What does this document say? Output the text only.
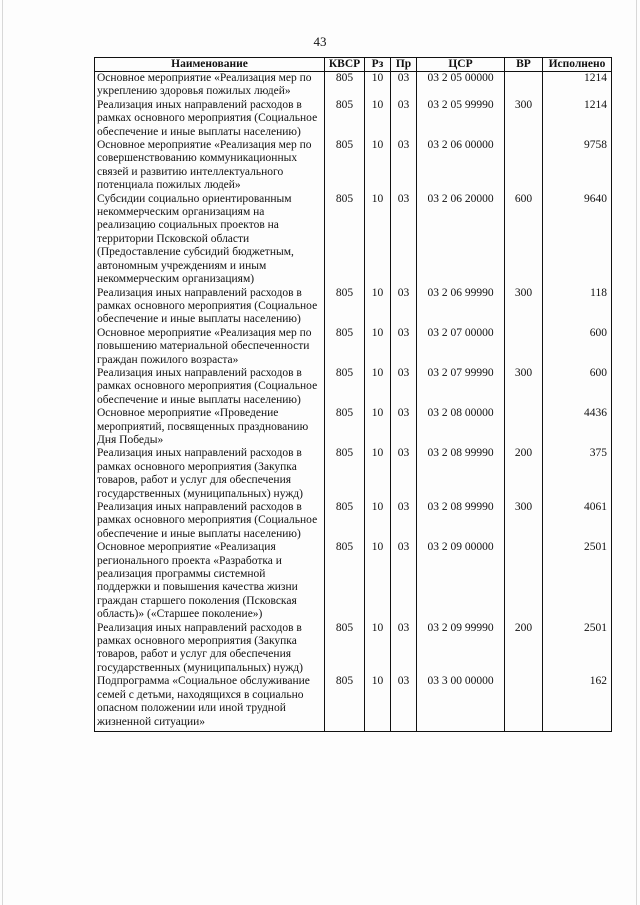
43
Наименование	КВСР	Рз	Пр	ЦСР	ВР	Исполнено
Основное мероприятие «Реализация мер по укреплению здоровья пожилых людей»	805	10	03	03 2 05 00000		1214
Реализация иных направлений расходов в рамках основного мероприятия (Социальное обеспечение и иные выплаты населению)	805	10	03	03 2 05 99990	300	1214
Основное мероприятие «Реализация мер по совершенствованию коммуникационных связей и развитию интеллектуального потенциала пожилых людей»	805	10	03	03 2 06 00000		9758
Субсидии социально ориентированным некоммерческим организациям на реализацию социальных проектов на территории Псковской области (Предоставление субсидий бюджетным, автономным учреждениям и иным некоммерческим организациям)	805	10	03	03 2 06 20000	600	9640
Реализация иных направлений расходов в рамках основного мероприятия (Социальное обеспечение и иные выплаты населению)	805	10	03	03 2 06 99990	300	118
Основное мероприятие «Реализация мер по повышению материальной обеспеченности граждан пожилого возраста»	805	10	03	03 2 07 00000		600
Реализация иных направлений расходов в рамках основного мероприятия (Социальное обеспечение и иные выплаты населению)	805	10	03	03 2 07 99990	300	600
Основное мероприятие «Проведение мероприятий, посвященных празднованию Дня Победы»	805	10	03	03 2 08 00000		4436
Реализация иных направлений расходов в рамках основного мероприятия (Закупка товаров, работ и услуг для обеспечения государственных (муниципальных) нужд)	805	10	03	03 2 08 99990	200	375
Реализация иных направлений расходов в рамках основного мероприятия (Социальное обеспечение и иные выплаты населению)	805	10	03	03 2 08 99990	300	4061
Основное мероприятие «Реализация регионального проекта «Разработка и реализация программы системной поддержки и повышения качества жизни граждан старшего поколения (Псковская область)» («Старшее поколение»)	805	10	03	03 2 09 00000		2501
Реализация иных направлений расходов в рамках основного мероприятия (Закупка товаров, работ и услуг для обеспечения государственных (муниципальных) нужд)	805	10	03	03 2 09 99990	200	2501
Подпрограмма «Социальное обслуживание семей с детьми, находящихся в социально опасном положении или иной трудной жизненной ситуации»	805	10	03	03 3 00 00000		162
